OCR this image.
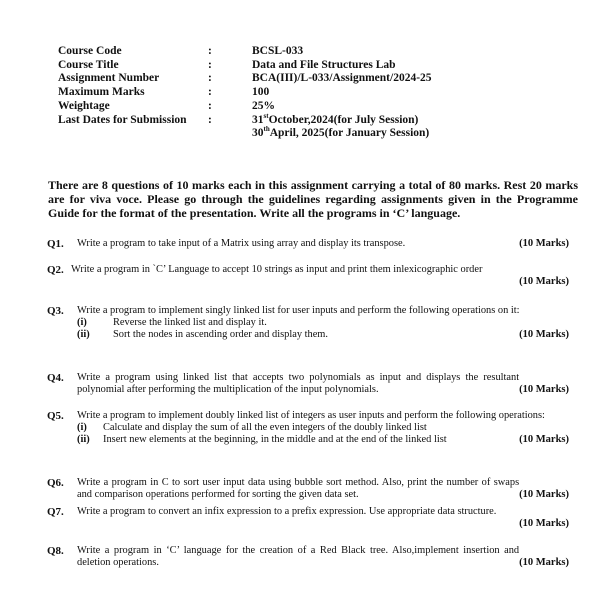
Course Code	:	BCSL-033
Course Title	:	Data and File Structures Lab
Assignment Number	:	BCA(III)/L-033/Assignment/2024-25
Maximum Marks	:	100
Weightage	:	25%
Last Dates for Submission	:	31stOctober,2024(for July Session)
30thApril, 2025(for January Session)
There are 8 questions of 10 marks each in this assignment carrying a total of 80 marks. Rest 20 marks are for viva voce. Please go through the guidelines regarding assignments given in the Programme Guide for the format of the presentation. Write all the programs in ‘C’ language.
Q1. Write a program to take input of a Matrix using array and display its transpose.	(10 Marks)
Q2. Write a program in `C’ Language to accept 10 strings as input and print them inlexicographic order
(10 Marks)
Q3. Write a program to implement singly linked list for user inputs and perform the following operations on it:
(i)	Reverse the linked list and display it.
(ii)	Sort the nodes in ascending order and display them.	(10 Marks)
Q4.
(10 Marks)
Write a program using linked list that accepts two polynomials as input and displays the resultant polynomial after performing the multiplication of the input polynomials.
Q5. Write a program to implement doubly linked list of integers as user inputs and perform the following operations:
(i)	Calculate and display the sum of all the even integers of the doubly linked list
(ii)	Insert new elements at the beginning, in the middle and at the end of the linked list	(10 Marks)
Q6.
(10 Marks)
Write a program in C to sort user input data using bubble sort method. Also, print the number of swaps and comparison operations performed for sorting the given data set.
Q7. Write a program to convert an infix expression to a prefix expression. Use appropriate data structure.
(10 Marks)
Q8.
(10 Marks)
Write a program in ‘C’ language for the creation of a Red Black tree. Also,implement insertion and deletion operations.
